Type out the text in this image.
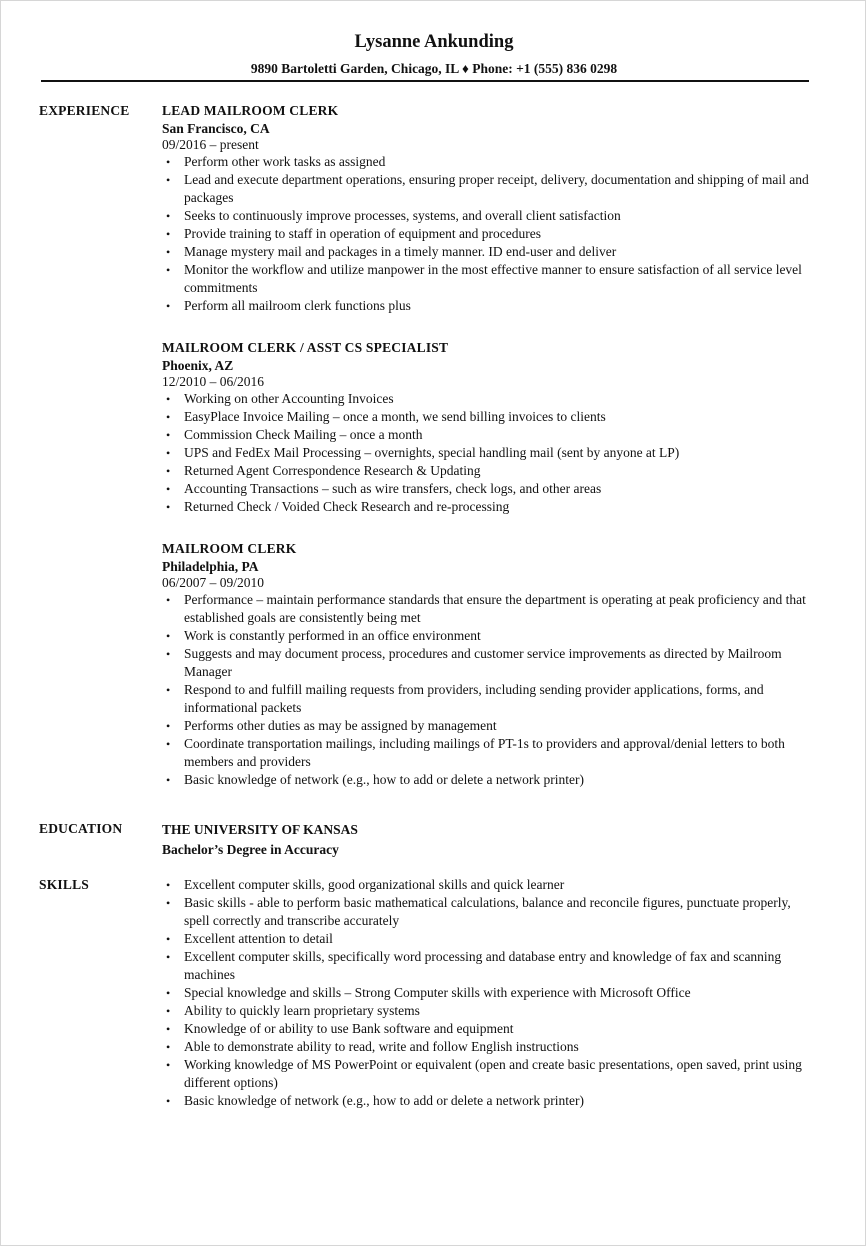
Lysanne Ankunding
9890 Bartoletti Garden, Chicago, IL ♦ Phone: +1 (555) 836 0298
EXPERIENCE LEAD MAILROOM CLERK
San Francisco, CA
09/2016 – present
• Perform other work tasks as assigned
• Lead and execute department operations, ensuring proper receipt, delivery, documentation and shipping of mail and packages
• Seeks to continuously improve processes, systems, and overall client satisfaction
• Provide training to staff in operation of equipment and procedures
• Manage mystery mail and packages in a timely manner. ID end-user and deliver
• Monitor the workflow and utilize manpower in the most effective manner to ensure satisfaction of all service level commitments
• Perform all mailroom clerk functions plus
MAILROOM CLERK / ASST CS SPECIALIST
Phoenix, AZ
12/2010 – 06/2016
• Working on other Accounting Invoices
• EasyPlace Invoice Mailing – once a month, we send billing invoices to clients
• Commission Check Mailing – once a month
• UPS and FedEx Mail Processing – overnights, special handling mail (sent by anyone at LP)
• Returned Agent Correspondence Research & Updating
• Accounting Transactions – such as wire transfers, check logs, and other areas
• Returned Check / Voided Check Research and re-processing
MAILROOM CLERK
Philadelphia, PA
06/2007 – 09/2010
• Performance – maintain performance standards that ensure the department is operating at peak proficiency and that established goals are consistently being met
• Work is constantly performed in an office environment
• Suggests and may document process, procedures and customer service improvements as directed by Mailroom Manager
• Respond to and fulfill mailing requests from providers, including sending provider applications, forms, and informational packets
• Performs other duties as may be assigned by management
• Coordinate transportation mailings, including mailings of PT-1s to providers and approval/denial letters to both members and providers
• Basic knowledge of network (e.g., how to add or delete a network printer)
EDUCATION	THE UNIVERSITY OF KANSAS
Bachelor’s Degree in Accuracy
SKILLS
•	Excellent computer skills, good organizational skills and quick learner
• Basic skills - able to perform basic mathematical calculations, balance and reconcile figures, punctuate properly, spell correctly and transcribe accurately
• Excellent attention to detail
• Excellent computer skills, specifically word processing and database entry and knowledge of fax and scanning machines
• Special knowledge and skills – Strong Computer skills with experience with Microsoft Office
• Ability to quickly learn proprietary systems
• Knowledge of or ability to use Bank software and equipment
• Able to demonstrate ability to read, write and follow English instructions
• Working knowledge of MS PowerPoint or equivalent (open and create basic presentations, open saved, print using different options)
• Basic knowledge of network (e.g., how to add or delete a network printer)
